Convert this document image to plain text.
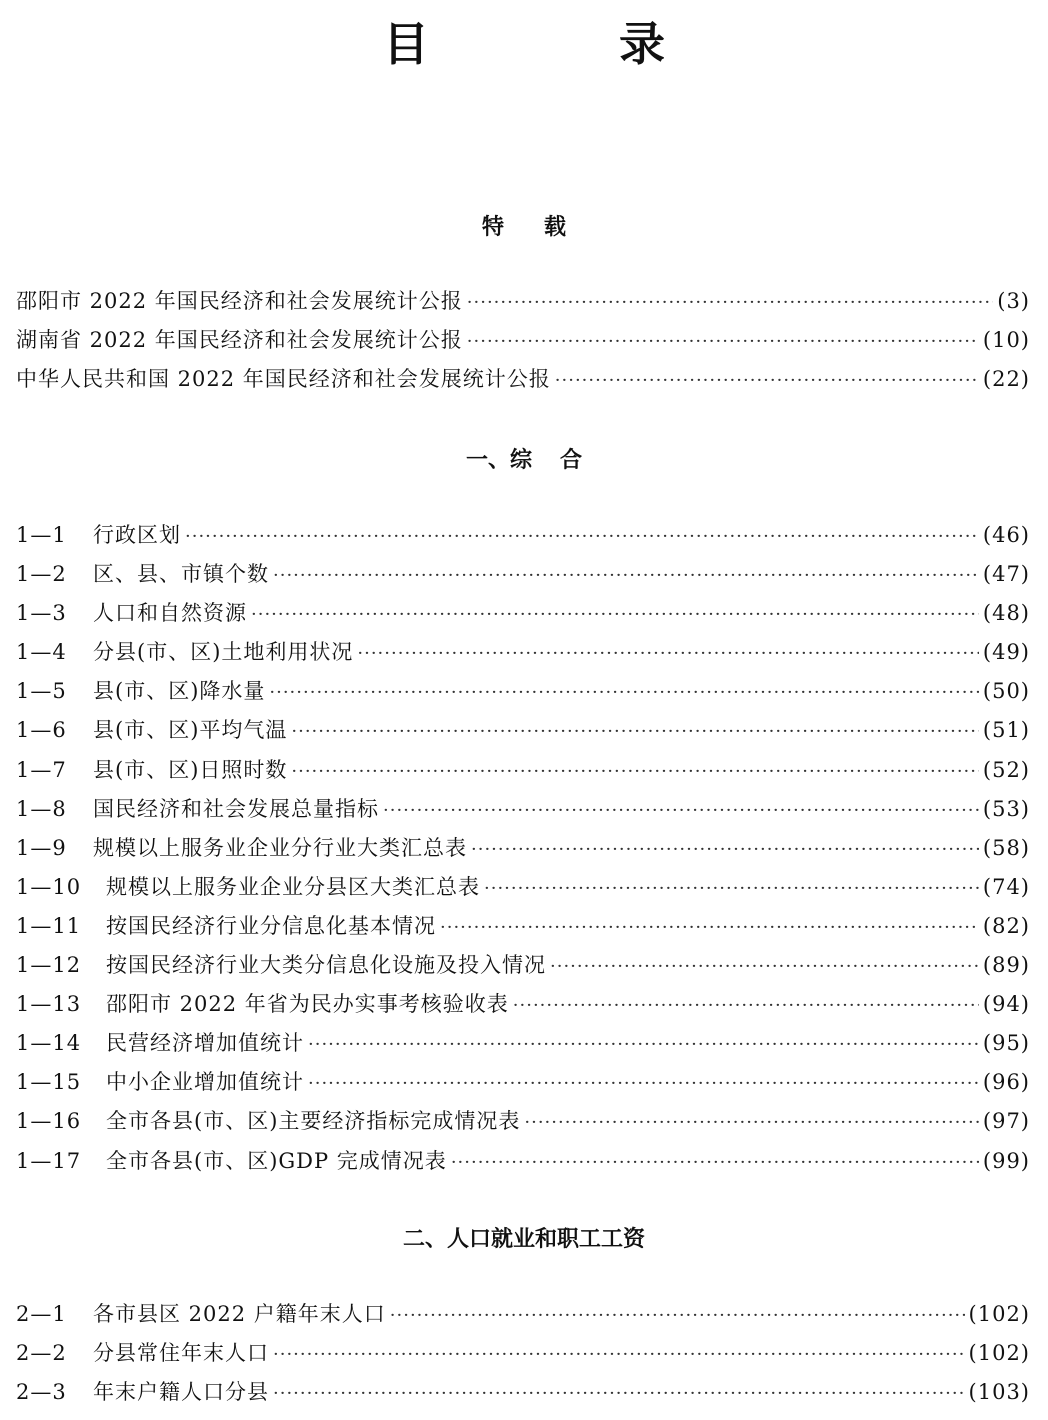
目录
特载
邵阳市 2022 年国民经济和社会发展统计公报 ·····	(3)
湖南省 2022 年国民经济和社会发展统计公报 ·····	(10)
中华人民共和国 2022 年国民经济和社会发展统计公报 ·····	(22)
一、综 合
1—1	行政区划 ·····	(46)
1—2	区、县、市镇个数 ·····	(47)
1—3	人口和自然资源 ·····	(48)
1—4	分县(市、区)土地利用状况 ·····	(49)
1—5	县(市、区)降水量 ·····	(50)
1—6	县(市、区)平均气温 ·····	(51)
1—7	县(市、区)日照时数 ·····	(52)
1—8	国民经济和社会发展总量指标 ·····	(53)
1—9	规模以上服务业企业分行业大类汇总表 ·····	(58)
1—10	规模以上服务业企业分县区大类汇总表 ·····	(74)
1—11	按国民经济行业分信息化基本情况 ·····	(82)
1—12	按国民经济行业大类分信息化设施及投入情况 ·····	(89)
1—13	邵阳市 2022 年省为民办实事考核验收表 ·····	(94)
1—14	民营经济增加值统计 ·····	(95)
1—15	中小企业增加值统计 ·····	(96)
1—16	全市各县(市、区)主要经济指标完成情况表 ·····	(97)
1—17	全市各县(市、区)GDP 完成情况表 ·····	(99)
二、人口就业和职工工资
2—1	各市县区 2022 户籍年末人口 ·····	(102)
2—2	分县常住年末人口 ·····	(102)
2—3	年末户籍人口分县 ·····	(103)
